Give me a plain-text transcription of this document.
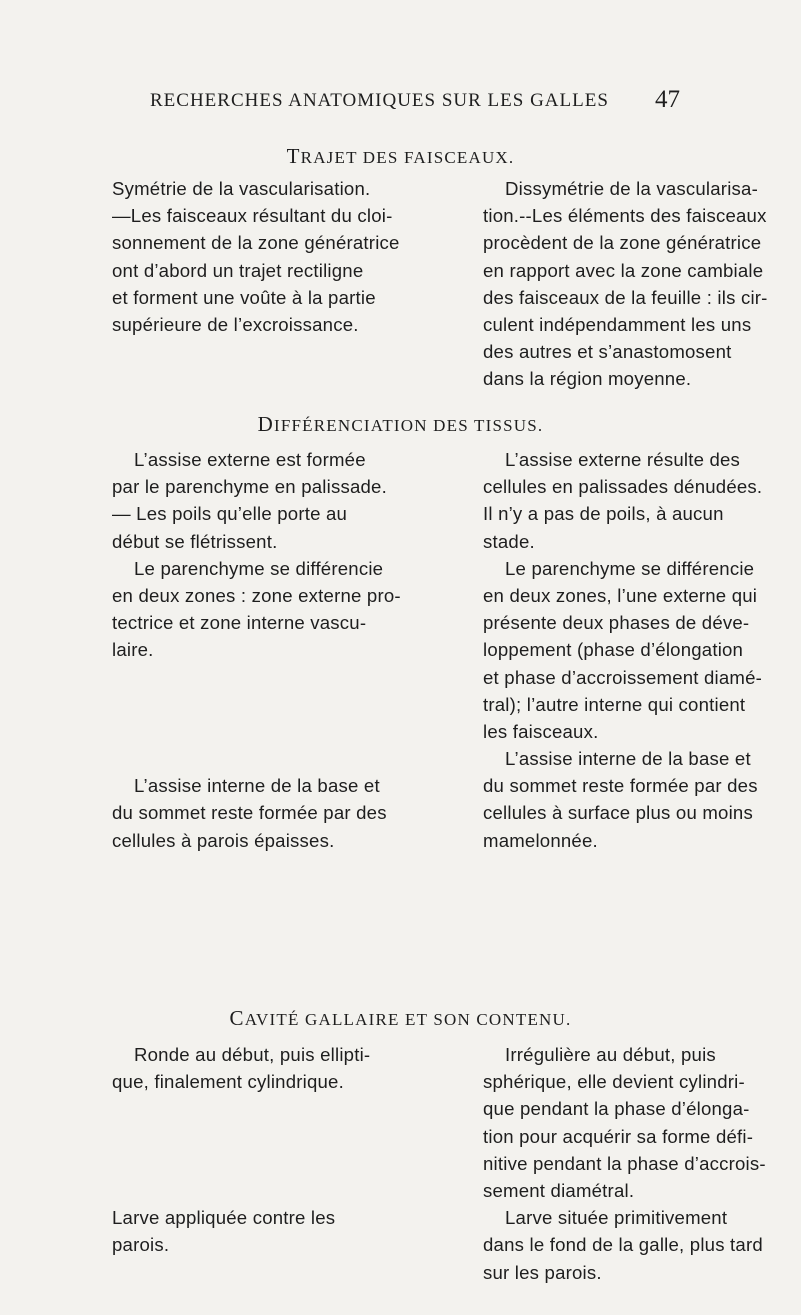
RECHERCHES ANATOMIQUES SUR LES GALLES 47
TRAJET DES FAISCEAUX.
Symétrie de la vascularisation.
—Les faisceaux résultant du cloi-
sonnement de la zone génératrice
ont d’abord un trajet rectiligne
et forment une voûte à la partie
supérieure de l’excroissance.
Dissymétrie de la vascularisa-
tion.--Les éléments des faisceaux
procèdent de la zone génératrice
en rapport avec la zone cambiale
des faisceaux de la feuille : ils cir-
culent indépendamment les uns
des autres et s’anastomosent
dans la région moyenne.
DIFFÉRENCIATION DES TISSUS.
L’assise externe est formée
par le parenchyme en palissade.
— Les poils qu’elle porte au
début se flétrissent.
Le parenchyme se différencie
en deux zones : zone externe pro-
tectrice et zone interne vascu-
laire.
L’assise interne de la base et
du sommet reste formée par des
cellules à parois épaisses.
L’assise externe résulte des
cellules en palissades dénudées.
Il n’y a pas de poils, à aucun
stade.
Le parenchyme se différencie
en deux zones, l’une externe qui
présente deux phases de déve-
loppement (phase d’élongation
et phase d’accroissement diamé-
tral); l’autre interne qui contient
les faisceaux.
L’assise interne de la base et
du sommet reste formée par des
cellules à surface plus ou moins
mamelonnée.
CAVITÉ GALLAIRE ET SON CONTENU.
Ronde au début, puis ellipti-
que, finalement cylindrique.
Larve appliquée contre les
parois.
Irrégulière au début, puis
sphérique, elle devient cylindri-
que pendant la phase d’élonga-
tion pour acquérir sa forme défi-
nitive pendant la phase d’accrois-
sement diamétral.
Larve située primitivement
dans le fond de la galle, plus tard
sur les parois.
